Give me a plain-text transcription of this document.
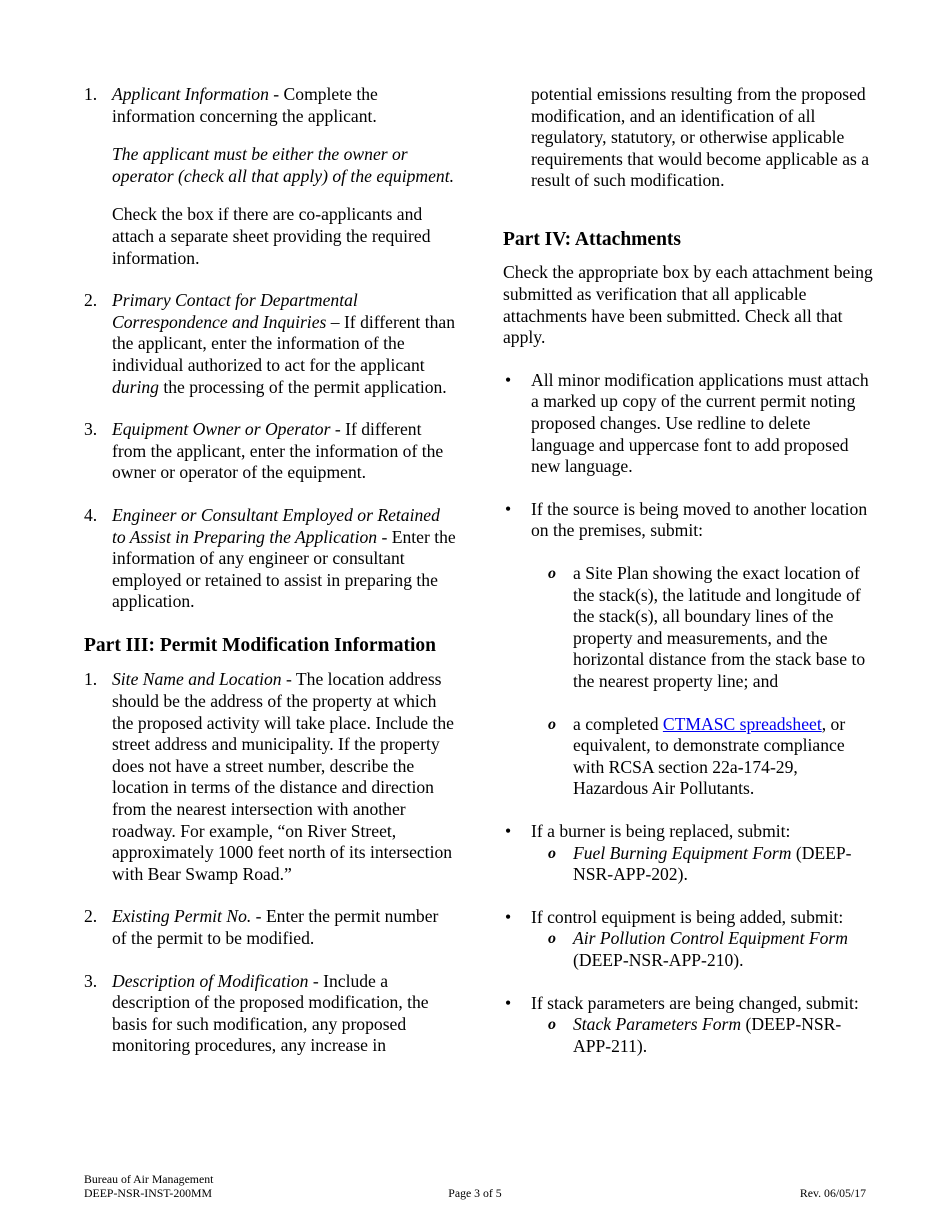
1. Applicant Information - Complete the information concerning the applicant.

The applicant must be either the owner or operator (check all that apply) of the equipment.

Check the box if there are co-applicants and attach a separate sheet providing the required information.

2. Primary Contact for Departmental Correspondence and Inquiries – If different than the applicant, enter the information of the individual authorized to act for the applicant during the processing of the permit application.

3. Equipment Owner or Operator - If different from the applicant, enter the information of the owner or operator of the equipment.

4. Engineer or Consultant Employed or Retained to Assist in Preparing the Application - Enter the information of any engineer or consultant employed or retained to assist in preparing the application.

Part III: Permit Modification Information
1. Site Name and Location - The location address should be the address of the property at which the proposed activity will take place. Include the street address and municipality. If the property does not have a street number, describe the location in terms of the distance and direction from the nearest intersection with another roadway. For example, “on River Street, approximately 1000 feet north of its intersection with Bear Swamp Road.”

2. Existing Permit No. - Enter the permit number of the permit to be modified.

3. Description of Modification - Include a description of the proposed modification, the basis for such modification, any proposed monitoring procedures, any increase in

potential emissions resulting from the proposed modification, and an identification of all regulatory, statutory, or otherwise applicable requirements that would become applicable as a result of such modification.

Part IV: Attachments

Check the appropriate box by each attachment being submitted as verification that all applicable attachments have been submitted. Check all that apply.

• All minor modification applications must attach a marked up copy of the current permit noting proposed changes. Use redline to delete language and uppercase font to add proposed new language.

• If the source is being moved to another location on the premises, submit:

o a Site Plan showing the exact location of the stack(s), the latitude and longitude of the stack(s), all boundary lines of the property and measurements, and the horizontal distance from the stack base to the nearest property line; and

o a completed CTMASC spreadsheet, or equivalent, to demonstrate compliance with RCSA section 22a-174-29, Hazardous Air Pollutants.

• If a burner is being replaced, submit:

o Fuel Burning Equipment Form (DEEP-NSR-APP-202).

• If control equipment is being added, submit:

o Air Pollution Control Equipment Form (DEEP-NSR-APP-210).

• If stack parameters are being changed, submit:

o Stack Parameters Form (DEEP-NSR-APP-211).

Bureau of Air Management
DEEP-NSR-INST-200MM	Page 3 of 5	Rev. 06/05/17
